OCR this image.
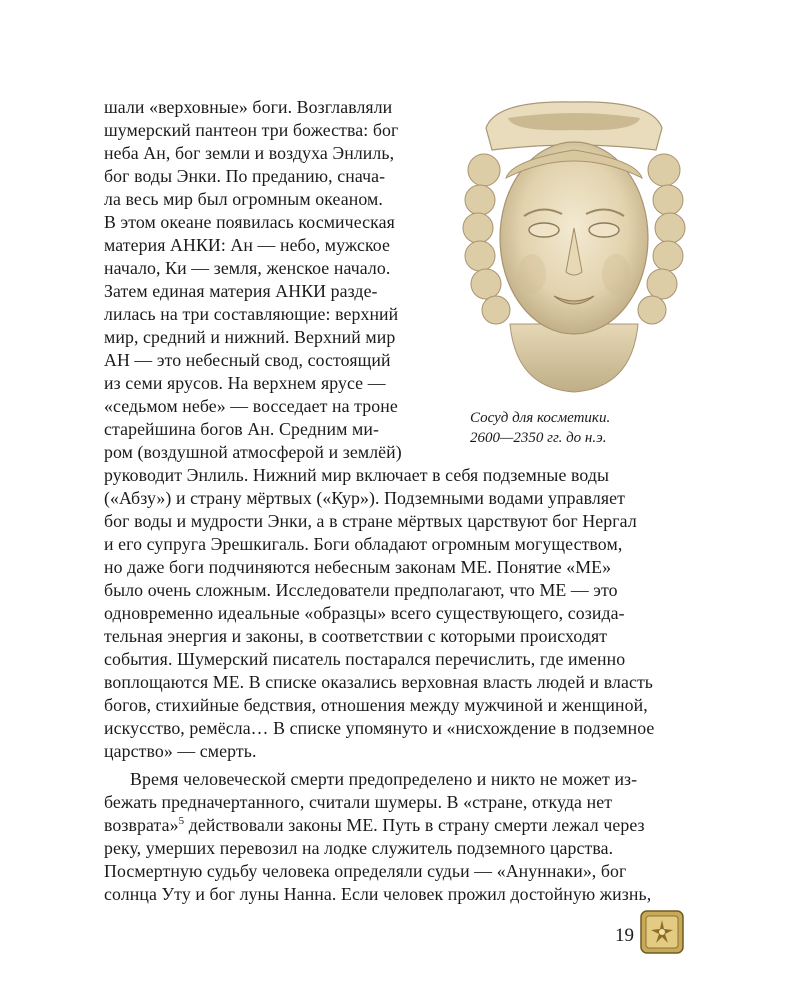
шали «верховные» боги. Возглавляли
шумерский пантеон три божества: бог
неба Ан, бог земли и воздуха Энлиль,
бог воды Энки. По преданию, снача-
ла весь мир был огромным океаном.
В этом океане появилась космическая
материя АНКИ: Ан — небо, мужское
начало, Ки — земля, женское начало.
Затем единая материя АНКИ разде-
лилась на три составляющие: верхний
мир, средний и нижний. Верхний мир
АН — это небесный свод, состоящий
из семи ярусов. На верхнем ярусе —
«седьмом небе» — восседает на троне
старейшина богов Ан. Средним ми-
ром (воздушной атмосферой и землёй)
Сосуд для косметики.
2600—2350 гг. до н.э.
руководит Энлиль. Нижний мир включает в себя подземные воды
(«Абзу») и страну мёртвых («Кур»). Подземными водами управляет
бог воды и мудрости Энки, а в стране мёртвых царствуют бог Нергал
и его супруга Эрешкигаль. Боги обладают огромным могуществом,
но даже боги подчиняются небесным законам МЕ. Понятие «МЕ»
было очень сложным. Исследователи предполагают, что МЕ — это
одновременно идеальные «образцы» всего существующего, созида-
тельная энергия и законы, в соответствии с которыми происходят
события. Шумерский писатель постарался перечислить, где именно
воплощаются МЕ. В списке оказались верховная власть людей и власть
богов, стихийные бедствия, отношения между мужчиной и женщиной,
искусство, ремёсла… В списке упомянуто и «нисхождение в подземное
царство» — смерть.
Время человеческой смерти предопределено и никто не может из-
бежать предначертанного, считали шумеры. В «стране, откуда нет
возврата»$^5$ действовали законы МЕ. Путь в страну смерти лежал через
реку, умерших перевозил на лодке служитель подземного царства.
Посмертную судьбу человека определяли судьи — «Ануннаки», бог
солнца Уту и бог луны Нанна. Если человек прожил достойную жизнь,
19
